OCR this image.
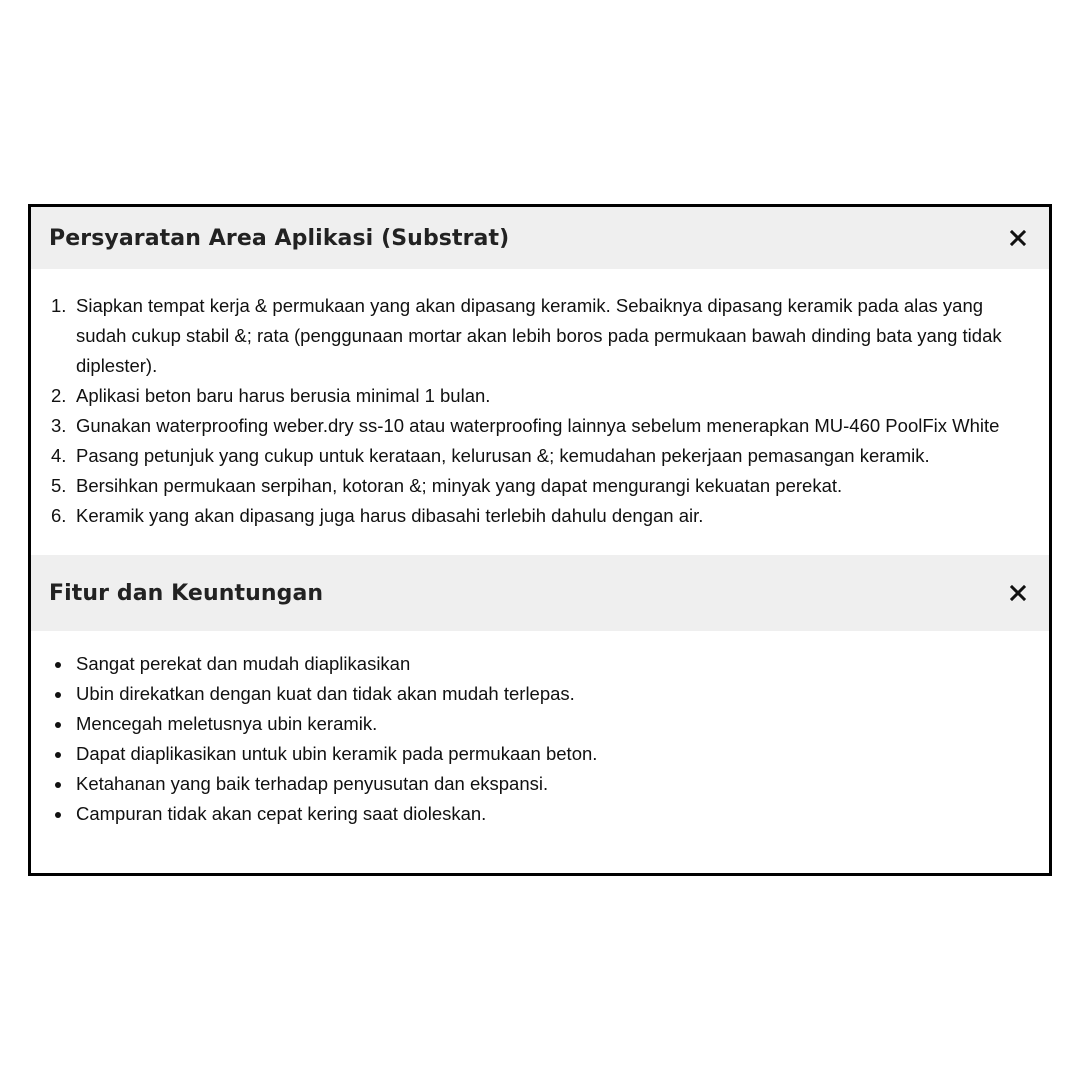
Persyaratan Area Aplikasi (Substrat)
1. Siapkan tempat kerja & permukaan yang akan dipasang keramik. Sebaiknya dipasang keramik pada alas yang sudah cukup stabil &; rata (penggunaan mortar akan lebih boros pada permukaan bawah dinding bata yang tidak diplester).
2. Aplikasi beton baru harus berusia minimal 1 bulan.
3. Gunakan waterproofing weber.dry ss-10 atau waterproofing lainnya sebelum menerapkan MU-460 PoolFix White
4. Pasang petunjuk yang cukup untuk kerataan, kelurusan &; kemudahan pekerjaan pemasangan keramik.
5. Bersihkan permukaan serpihan, kotoran &; minyak yang dapat mengurangi kekuatan perekat.
6. Keramik yang akan dipasang juga harus dibasahi terlebih dahulu dengan air.
Fitur dan Keuntungan
Sangat perekat dan mudah diaplikasikan
Ubin direkatkan dengan kuat dan tidak akan mudah terlepas.
Mencegah meletusnya ubin keramik.
Dapat diaplikasikan untuk ubin keramik pada permukaan beton.
Ketahanan yang baik terhadap penyusutan dan ekspansi.
Campuran tidak akan cepat kering saat dioleskan.
